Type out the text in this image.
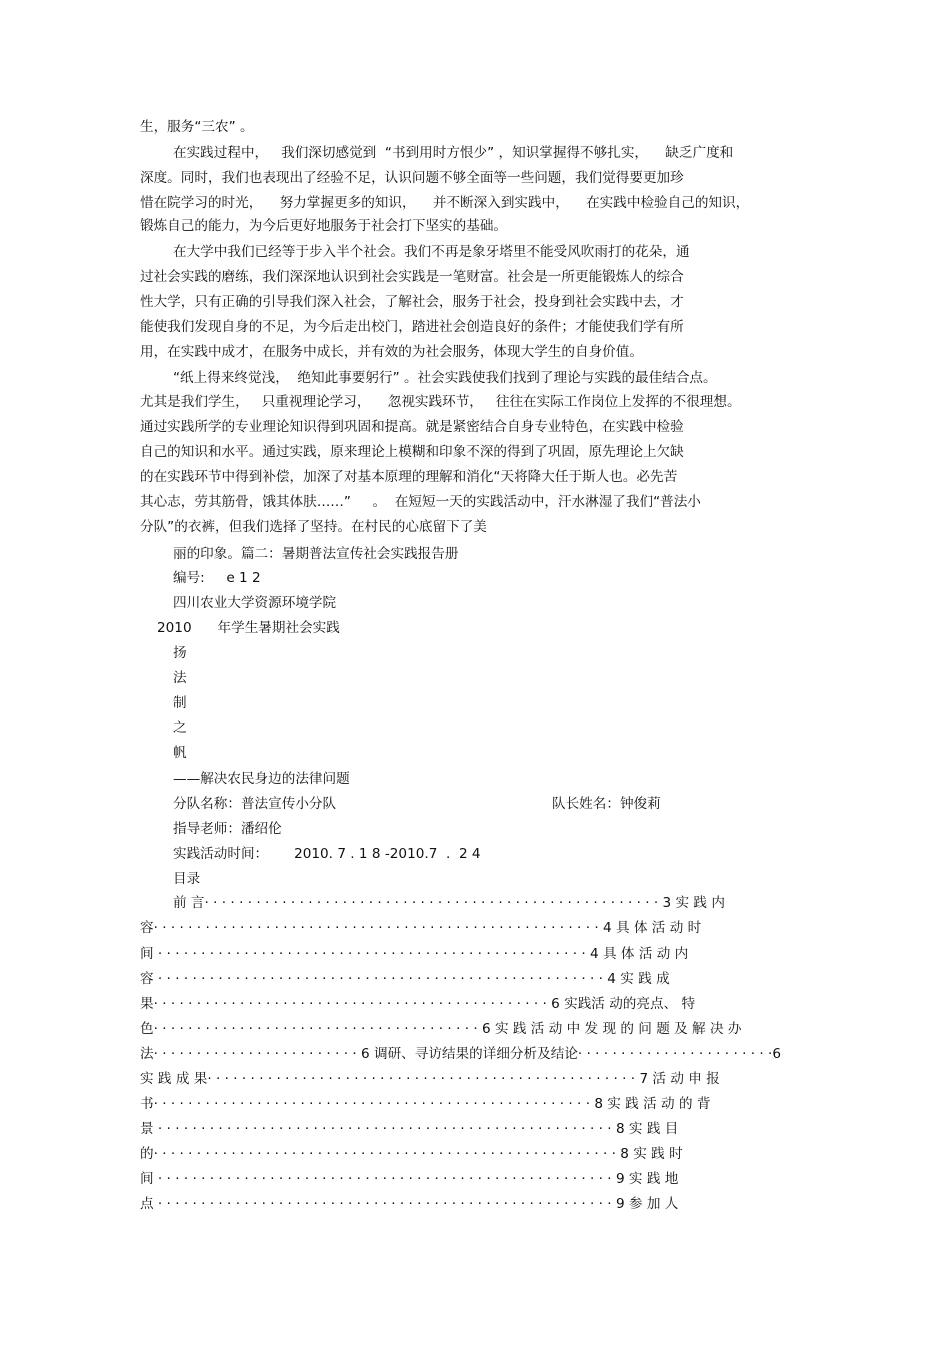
生，服务“三农” 。
在实践过程中，   我们深切感觉到  “书到用时方恨少” ，知识掌握得不够扎实，    缺乏广度和
深度。同时，我们也表现出了经验不足，认识问题不够全面等一些问题，我们觉得要更加珍
惜在院学习的时光，    努力掌握更多的知识，    并不断深入到实践中，    在实践中检验自己的知识，
锻炼自己的能力，为今后更好地服务于社会打下坚实的基础。
在大学中我们已经等于步入半个社会。我们不再是象牙塔里不能受风吹雨打的花朵，通
过社会实践的磨练，我们深深地认识到社会实践是一笔财富。社会是一所更能锻炼人的综合
性大学，只有正确的引导我们深入社会，了解社会，服务于社会，投身到社会实践中去，才
能使我们发现自身的不足，为今后走出校门，踏进社会创造良好的条件；才能使我们学有所
用，在实践中成才，在服务中成长，并有效的为社会服务，体现大学生的自身价值。
“纸上得来终觉浅，  绝知此事要躬行” 。社会实践使我们找到了理论与实践的最佳结合点。
尤其是我们学生，   只重视理论学习，    忽视实践环节，   往往在实际工作岗位上发挥的不很理想。
通过实践所学的专业理论知识得到巩固和提高。就是紧密结合自身专业特色，在实践中检验
自己的知识和水平。通过实践，原来理论上模糊和印象不深的得到了巩固，原先理论上欠缺
的在实践环节中得到补偿，加深了对基本原理的理解和消化“天将降大任于斯人也。必先苦
其心志，劳其筋骨，饿其体肤……”     。  在短短一天的实践活动中，汗水淋湿了我们“普法小
分队”的衣裤，但我们选择了坚持。在村民的心底留下了美
丽的印象。篇二：暑期普法宣传社会实践报告册
编号:     e 1 2
四川农业大学资源环境学院
2010      年学生暑期社会实践
扬
法
制
之
帆
——解决农民身边的法律问题
分队名称：普法宣传小分队	队长姓名：钟俊莉
指导老师：潘绍伦
实践活动时间：      2010. 7 . 1 8 -2010.7  .  2 4
目录
前 言· · · · · · · · · · · · · · · · · · · · · · · · · · · · · · · · · · · · · · · · · · · · · · · · · · · · · 3 实 践 内
容· · · · · · · · · · · · · · · · · · · · · · · · · · · · · · · · · · · · · · · · · · · · · · · · · · · · 4 具 体 活 动 时
间 · · · · · · · · · · · · · · · · · · · · · · · · · · · · · · · · · · · · · · · · · · · · · · · · · · 4 具 体 活 动 内
容 · · · · · · · · · · · · · · · · · · · · · · · · · · · · · · · · · · · · · · · · · · · · · · · · · · · · 4 实 践 成
果· · · · · · · · · · · · · · · · · · · · · · · · · · · · · · · · · · · · · · · · · · · · · · 6 实践活 动的亮点、 特
色· · · · · · · · · · · · · · · · · · · · · · · · · · · · · · · · · · · · · · 6 实 践 活 动 中 发 现 的 问 题 及 解 决 办
法· · · · · · · · · · · · · · · · · · · · · · · · 6 调研、寻访结果的详细分析及结论· · · · · · · · · · · · · · · · · · · · · · ·6
实 践 成 果· · · · · · · · · · · · · · · · · · · · · · · · · · · · · · · · · · · · · · · · · · · · · · · · · · 7 活 动 申 报
书· · · · · · · · · · · · · · · · · · · · · · · · · · · · · · · · · · · · · · · · · · · · · · · · · · · 8 实 践 活 动 的 背
景 · · · · · · · · · · · · · · · · · · · · · · · · · · · · · · · · · · · · · · · · · · · · · · · · · · · · · 8 实 践 目
的· · · · · · · · · · · · · · · · · · · · · · · · · · · · · · · · · · · · · · · · · · · · · · · · · · · · · · 8 实 践 时
间 · · · · · · · · · · · · · · · · · · · · · · · · · · · · · · · · · · · · · · · · · · · · · · · · · · · · · 9 实 践 地
点 · · · · · · · · · · · · · · · · · · · · · · · · · · · · · · · · · · · · · · · · · · · · · · · · · · · · · 9 参 加 人
